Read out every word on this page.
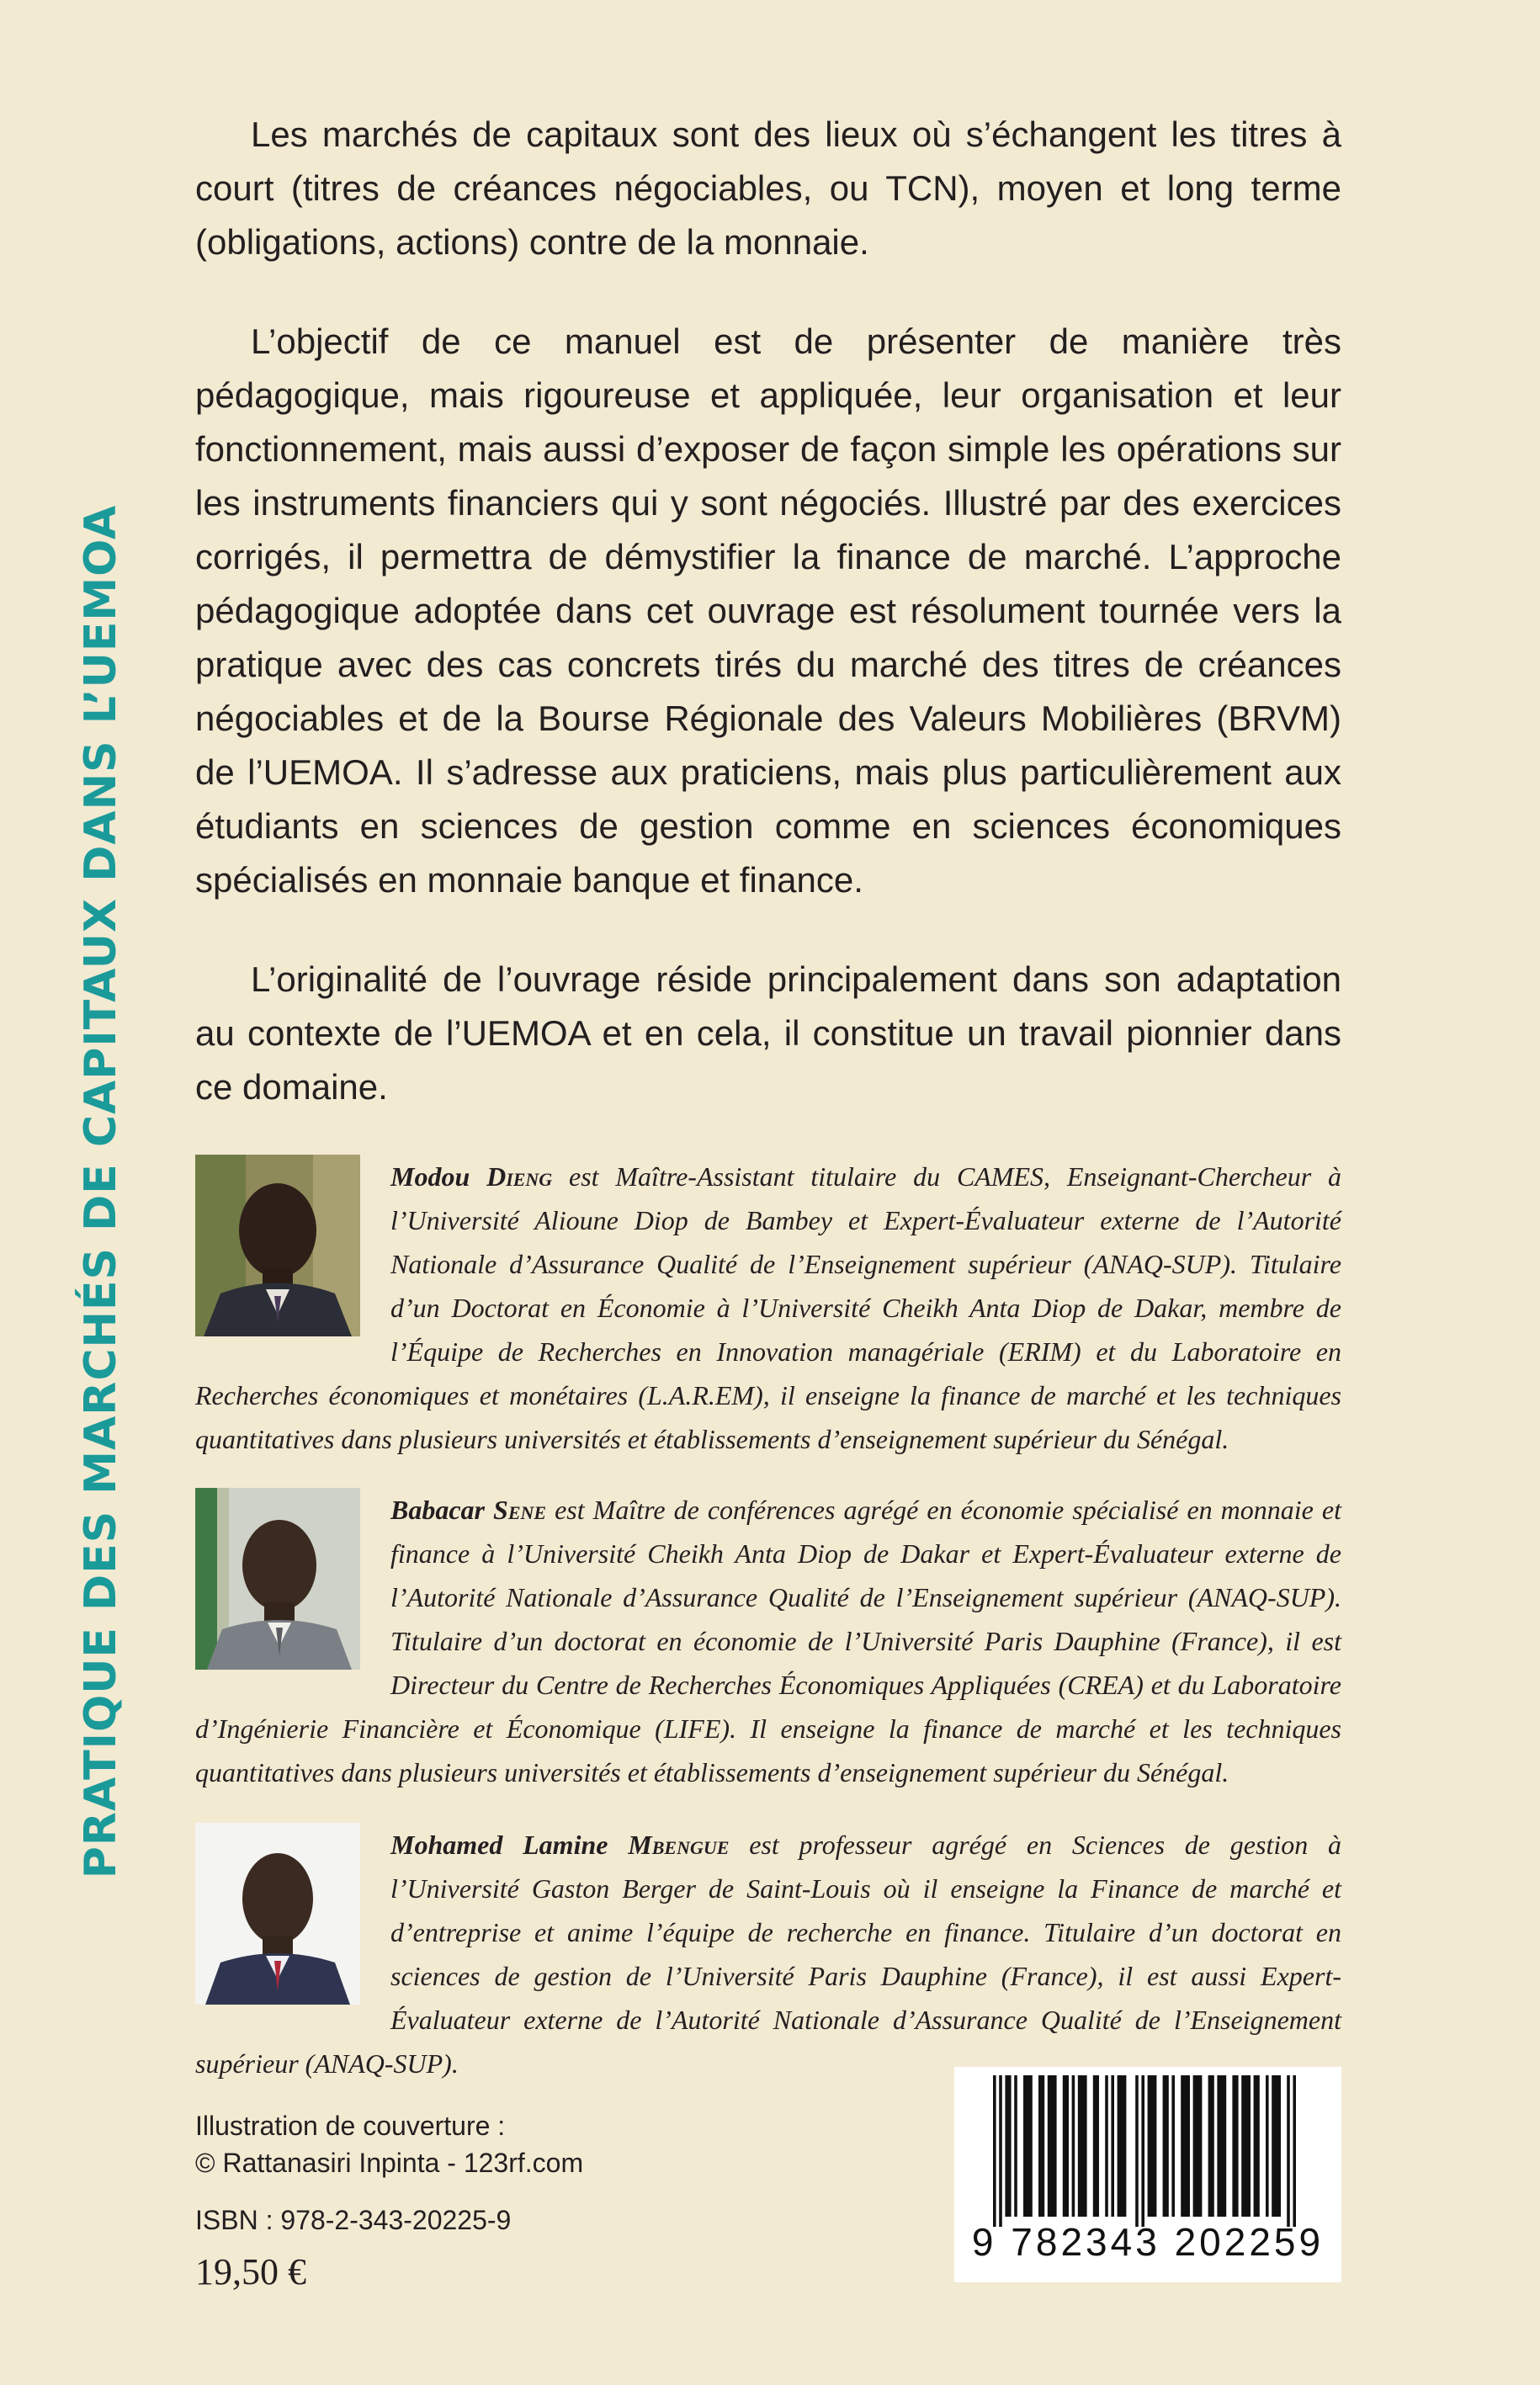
PRATIQUE DES MARCHÉS DE CAPITAUX DANS L’UEMOA

Les marchés de capitaux sont des lieux où s’échangent les titres à court (titres de créances négociables, ou TCN), moyen et long terme (obligations, actions) contre de la monnaie.

L’objectif de ce manuel est de présenter de manière très pédagogique, mais rigoureuse et appliquée, leur organisation et leur fonctionnement, mais aussi d’exposer de façon simple les opérations sur les instruments financiers qui y sont négociés. Illustré par des exercices corrigés, il permettra de démystifier la finance de marché. L’approche pédagogique adoptée dans cet ouvrage est résolument tournée vers la pratique avec des cas concrets tirés du marché des titres de créances négociables et de la Bourse Régionale des Valeurs Mobilières (BRVM) de l’UEMOA. Il s’adresse aux praticiens, mais plus particulièrement aux étudiants en sciences de gestion comme en sciences économiques spécialisés en monnaie banque et finance.

L’originalité de l’ouvrage réside principalement dans son adaptation au contexte de l’UEMOA et en cela, il constitue un travail pionnier dans ce domaine.

Modou Dieng est Maître-Assistant titulaire du CAMES, Enseignant-Chercheur à l’Université Alioune Diop de Bambey et Expert-Évaluateur externe de l’Autorité Nationale d’Assurance Qualité de l’Enseignement supérieur (ANAQ-SUP). Titulaire d’un Doctorat en Économie à l’Université Cheikh Anta Diop de Dakar, membre de l’Équipe de Recherches en Innovation managériale (ERIM) et du Laboratoire en Recherches économiques et monétaires (L.A.R.EM), il enseigne la finance de marché et les techniques quantitatives dans plusieurs universités et établissements d’enseignement supérieur du Sénégal.
Babacar Sene est Maître de conférences agrégé en économie spécialisé en monnaie et finance à l’Université Cheikh Anta Diop de Dakar et Expert-Évaluateur externe de l’Autorité Nationale d’Assurance Qualité de l’Enseignement supérieur (ANAQ-SUP). Titulaire d’un doctorat en économie de l’Université Paris Dauphine (France), il est Directeur du Centre de Recherches Économiques Appliquées (CREA) et du Laboratoire d’Ingénierie Financière et Économique (LIFE). Il enseigne la finance de marché et les techniques quantitatives dans plusieurs universités et établissements d’enseignement supérieur du Sénégal.
Mohamed Lamine Mbengue est professeur agrégé en Sciences de gestion à l’Université Gaston Berger de Saint-Louis où il enseigne la Finance de marché et d’entreprise et anime l’équipe de recherche en finance. Titulaire d’un doctorat en sciences de gestion de l’Université Paris Dauphine (France), il est aussi Expert-Évaluateur externe de l’Autorité Nationale d’Assurance Qualité de l’Enseignement supérieur (ANAQ-SUP).
Illustration de couverture :
© Rattanasiri Inpinta - 123rf.com
ISBN : 978-2-343-20225-9
19,50 €
9 782343 202259
